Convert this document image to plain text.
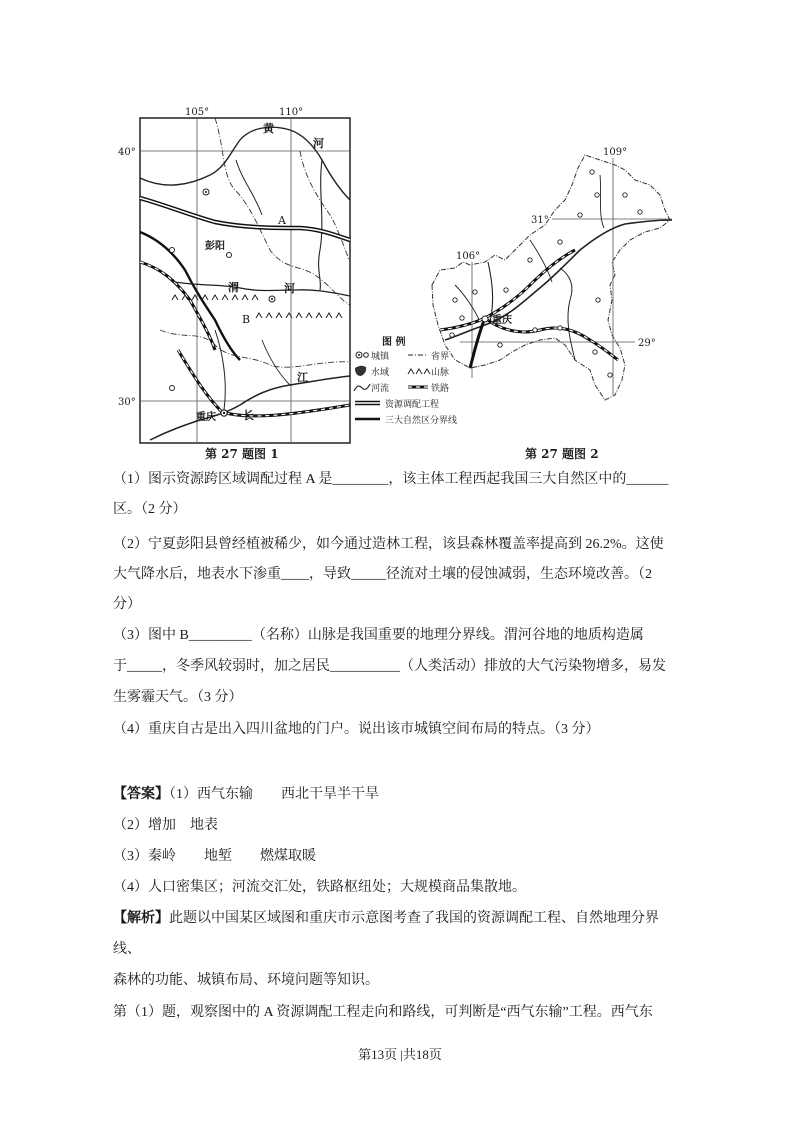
105°	110°
40°
30°
黄
河
A
彭阳
渭	河
B
江
长
重庆
第 27 题图 1
图 例
城镇	省界
水域	山脉
河流	铁路
资源调配工程
三大自然区分界线
109°
31°
106°
重庆
29°
第 27 题图 2
（1）图示资源跨区域调配过程 A 是________，该主体工程西起我国三大自然区中的______
区。（2 分）
（2）宁夏彭阳县曾经植被稀少，如今通过造林工程，该县森林覆盖率提高到 26.2%。这使
大气降水后，地表水下渗重____，导致_____径流对土壤的侵蚀减弱，生态环境改善。（2
分）
（3）图中 B_________（名称）山脉是我国重要的地理分界线。渭河谷地的地质构造属
于_____，冬季风较弱时，加之居民__________（人类活动）排放的大气污染物增多，易发
生雾霾天气。（3 分）
（4）重庆自古是出入四川盆地的门户。说出该市城镇空间布局的特点。（3 分）
【答案】（1）西气东输　　西北干旱半干旱
（2）增加　地表
（3）秦岭　　地堑　　燃煤取暖
（4）人口密集区；河流交汇处，铁路枢纽处；大规模商品集散地。
【解析】此题以中国某区域图和重庆市示意图考查了我国的资源调配工程、自然地理分界
线、
森林的功能、城镇布局、环境问题等知识。
第（1）题，观察图中的 A 资源调配工程走向和路线，可判断是“西气东输”工程。西气东
第13页 |共18页
